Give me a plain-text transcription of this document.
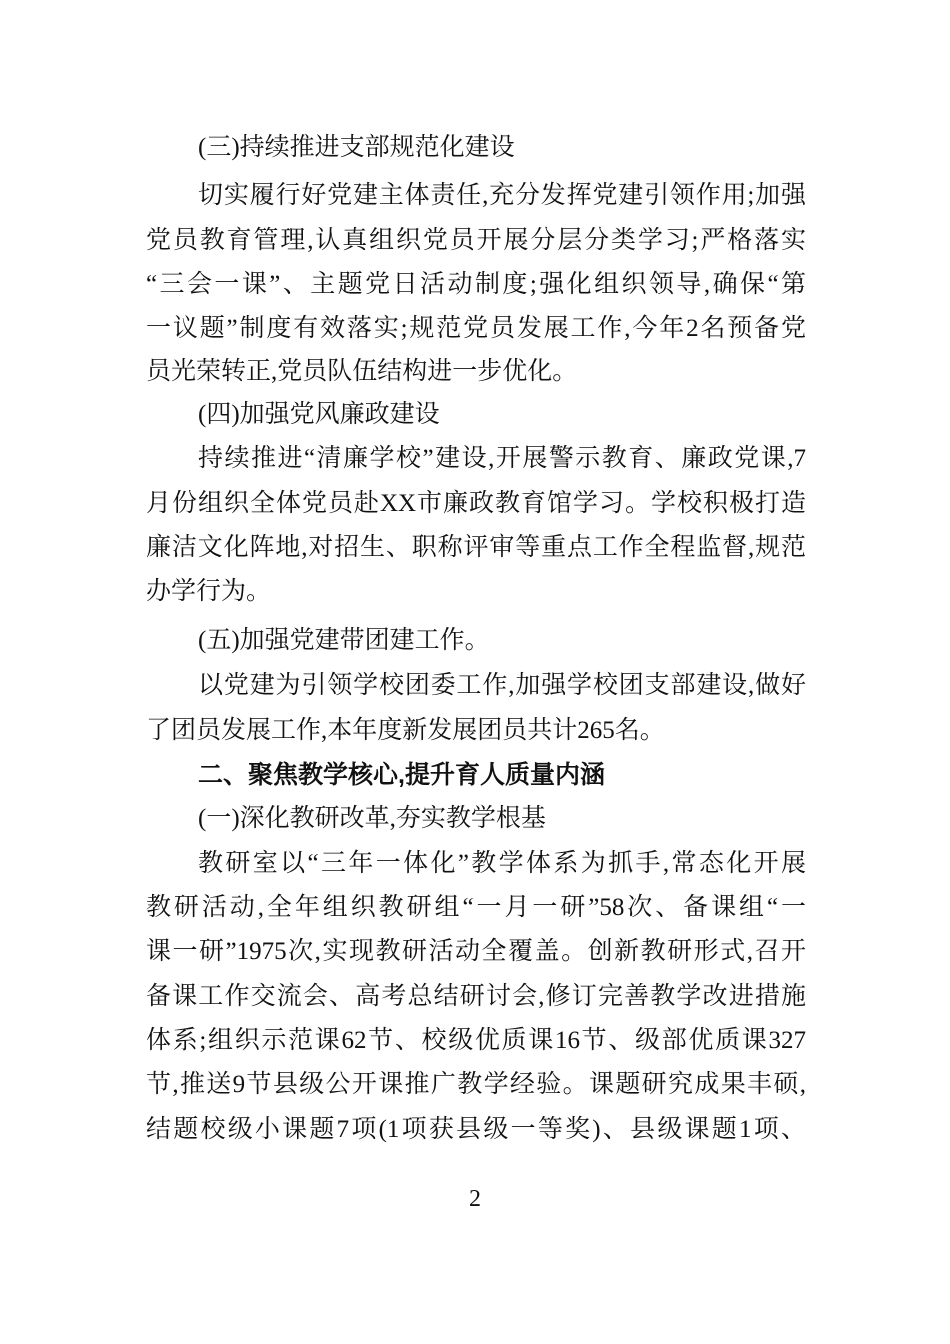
(三)持续推进支部规范化建设
切实履行好党建主体责任,充分发挥党建引领作用;加强
党员教育管理,认真组织党员开展分层分类学习;严格落实
“三会一课”、主题党日活动制度;强化组织领导,确保“第
一议题”制度有效落实;规范党员发展工作,今年2名预备党
员光荣转正,党员队伍结构进一步优化。
(四)加强党风廉政建设
持续推进“清廉学校”建设,开展警示教育、廉政党课,7
月份组织全体党员赴XX市廉政教育馆学习。学校积极打造
廉洁文化阵地,对招生、职称评审等重点工作全程监督,规范
办学行为。
(五)加强党建带团建工作。
以党建为引领学校团委工作,加强学校团支部建设,做好
了团员发展工作,本年度新发展团员共计265名。
二、聚焦教学核心,提升育人质量内涵
(一)深化教研改革,夯实教学根基
教研室以“三年一体化”教学体系为抓手,常态化开展
教研活动,全年组织教研组“一月一研”58次、备课组“一
课一研”1975次,实现教研活动全覆盖。创新教研形式,召开
备课工作交流会、高考总结研讨会,修订完善教学改进措施
体系;组织示范课62节、校级优质课16节、级部优质课327
节,推送9节县级公开课推广教学经验。课题研究成果丰硕,
结题校级小课题7项(1项获县级一等奖)、县级课题1项、
2
